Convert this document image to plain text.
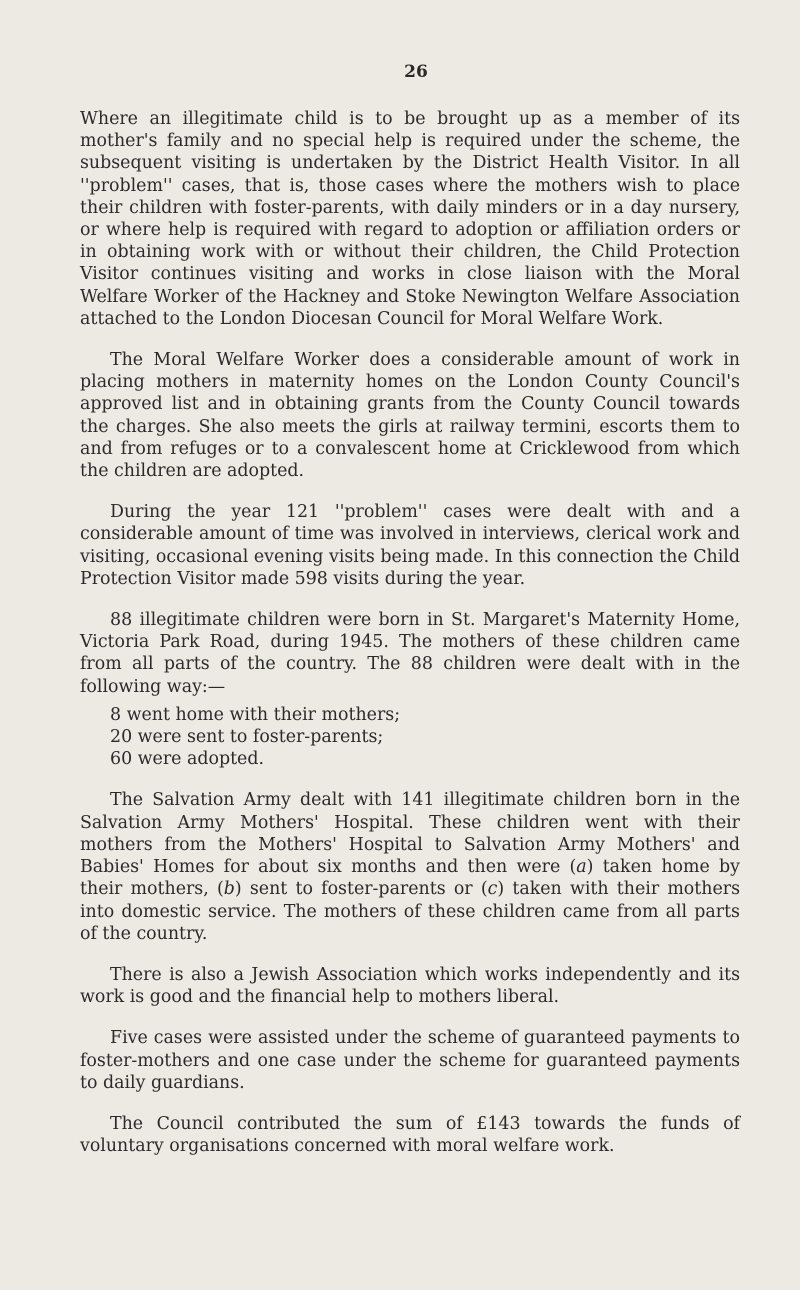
26

Where an illegitimate child is to be brought up as a member of its mother's family and no special help is required under the scheme, the subsequent visiting is undertaken by the District Health Visitor. In all ''problem'' cases, that is, those cases where the mothers wish to place their children with foster-parents, with daily minders or in a day nursery, or where help is required with regard to adoption or affiliation orders or in obtaining work with or without their children, the Child Protection Visitor continues visiting and works in close liaison with the Moral Welfare Worker of the Hackney and Stoke Newington Welfare Association attached to the London Diocesan Council for Moral Welfare Work.

The Moral Welfare Worker does a considerable amount of work in placing mothers in maternity homes on the London County Council's approved list and in obtaining grants from the County Council towards the charges. She also meets the girls at railway termini, escorts them to and from refuges or to a convalescent home at Cricklewood from which the children are adopted.

During the year 121 ''problem'' cases were dealt with and a considerable amount of time was involved in interviews, clerical work and visiting, occasional evening visits being made. In this connection the Child Protection Visitor made 598 visits during the year.

88 illegitimate children were born in St. Margaret's Maternity Home, Victoria Park Road, during 1945. The mothers of these children came from all parts of the country. The 88 children were dealt with in the following way:—

8 went home with their mothers;
20 were sent to foster-parents;
60 were adopted.

The Salvation Army dealt with 141 illegitimate children born in the Salvation Army Mothers' Hospital. These children went with their mothers from the Mothers' Hospital to Salvation Army Mothers' and Babies' Homes for about six months and then were (a) taken home by their mothers, (b) sent to foster-parents or (c) taken with their mothers into domestic service. The mothers of these children came from all parts of the country.

There is also a Jewish Association which works independently and its work is good and the financial help to mothers liberal.

Five cases were assisted under the scheme of guaranteed payments to foster-mothers and one case under the scheme for guaranteed payments to daily guardians.

The Council contributed the sum of £143 towards the funds of voluntary organisations concerned with moral welfare work.
